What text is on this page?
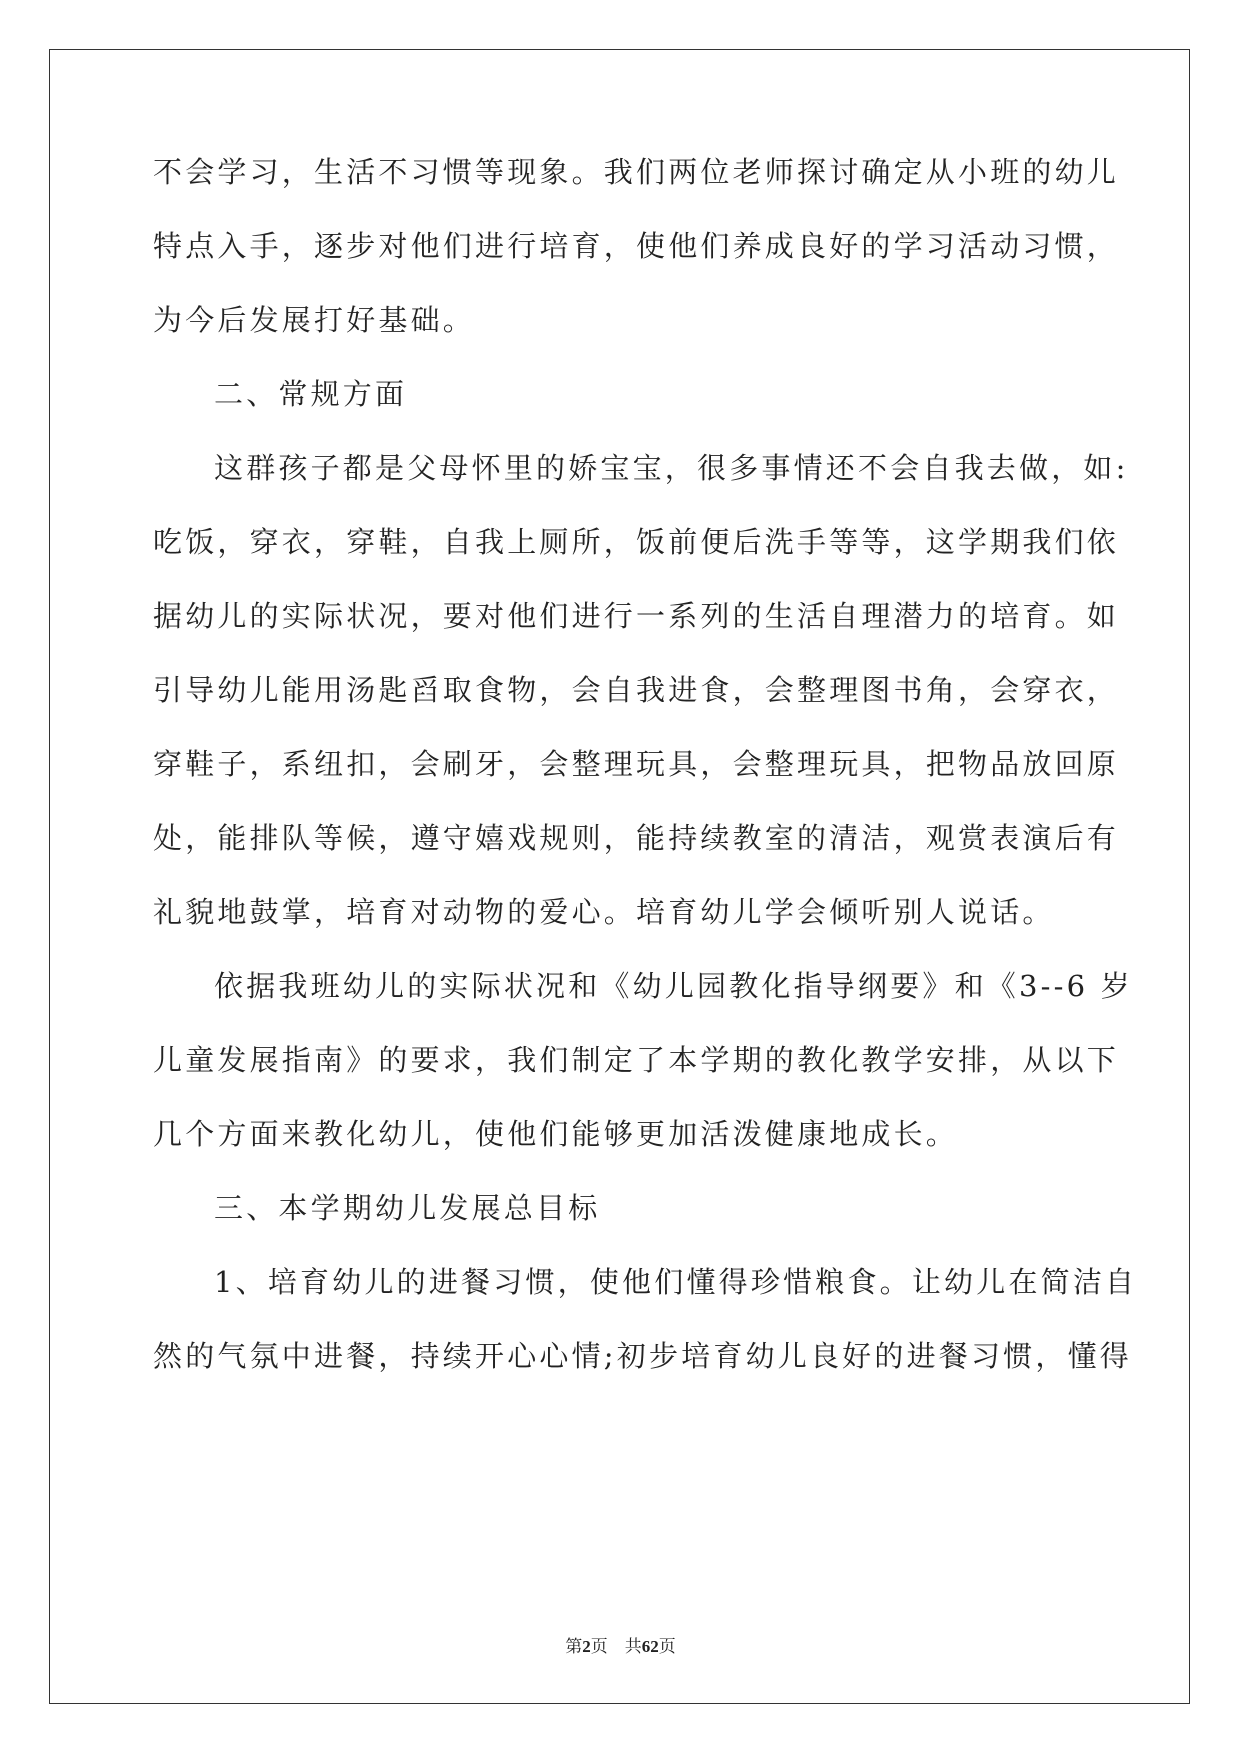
不会学习，生活不习惯等现象。我们两位老师探讨确定从小班的幼儿
特点入手，逐步对他们进行培育，使他们养成良好的学习活动习惯，
为今后发展打好基础。
二、常规方面
这群孩子都是父母怀里的娇宝宝，很多事情还不会自我去做，如:
吃饭，穿衣，穿鞋，自我上厕所，饭前便后洗手等等，这学期我们依
据幼儿的实际状况，要对他们进行一系列的生活自理潜力的培育。如
引导幼儿能用汤匙舀取食物，会自我进食，会整理图书角，会穿衣，
穿鞋子，系纽扣，会刷牙，会整理玩具，会整理玩具，把物品放回原
处，能排队等候，遵守嬉戏规则，能持续教室的清洁，观赏表演后有
礼貌地鼓掌，培育对动物的爱心。培育幼儿学会倾听别人说话。
依据我班幼儿的实际状况和《幼儿园教化指导纲要》和《3--6 岁
儿童发展指南》的要求，我们制定了本学期的教化教学安排，从以下
几个方面来教化幼儿，使他们能够更加活泼健康地成长。
三、本学期幼儿发展总目标
1、培育幼儿的进餐习惯，使他们懂得珍惜粮食。让幼儿在简洁自
然的气氛中进餐，持续开心心情;初步培育幼儿良好的进餐习惯，懂得
第2页    共62页
